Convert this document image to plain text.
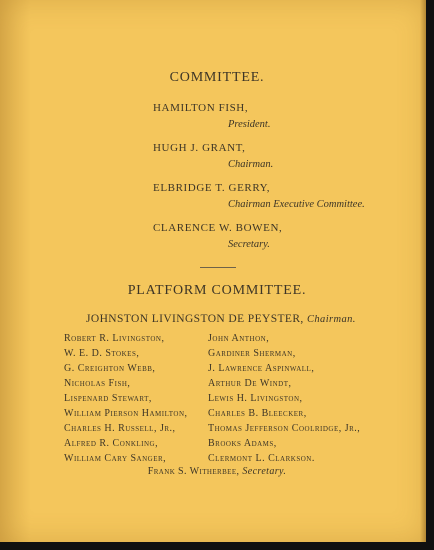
COMMITTEE.
HAMILTON FISH,
President.
HUGH J. GRANT,
Chairman.
ELBRIDGE T. GERRY,
Chairman Executive Committee.
CLARENCE W. BOWEN,
Secretary.
PLATFORM COMMITTEE.
JOHNSTON LIVINGSTON DE PEYSTER, Chairman.
Robert R. Livingston,
W. E. D. Stokes,
G. Creighton Webb,
Nicholas Fish,
Lispenard Stewart,
William Pierson Hamilton,
Charles H. Russell, Jr.,
Alfred R. Conkling,
William Cary Sanger,
John Anthon,
Gardiner Sherman,
J. Lawrence Aspinwall,
Arthur De Windt,
Lewis H. Livingston,
Charles B. Bleecker,
Thomas Jefferson Coolridge, Jr.,
Brooks Adams,
Clermont L. Clarkson.
Frank S. Witherbee, Secretary.
